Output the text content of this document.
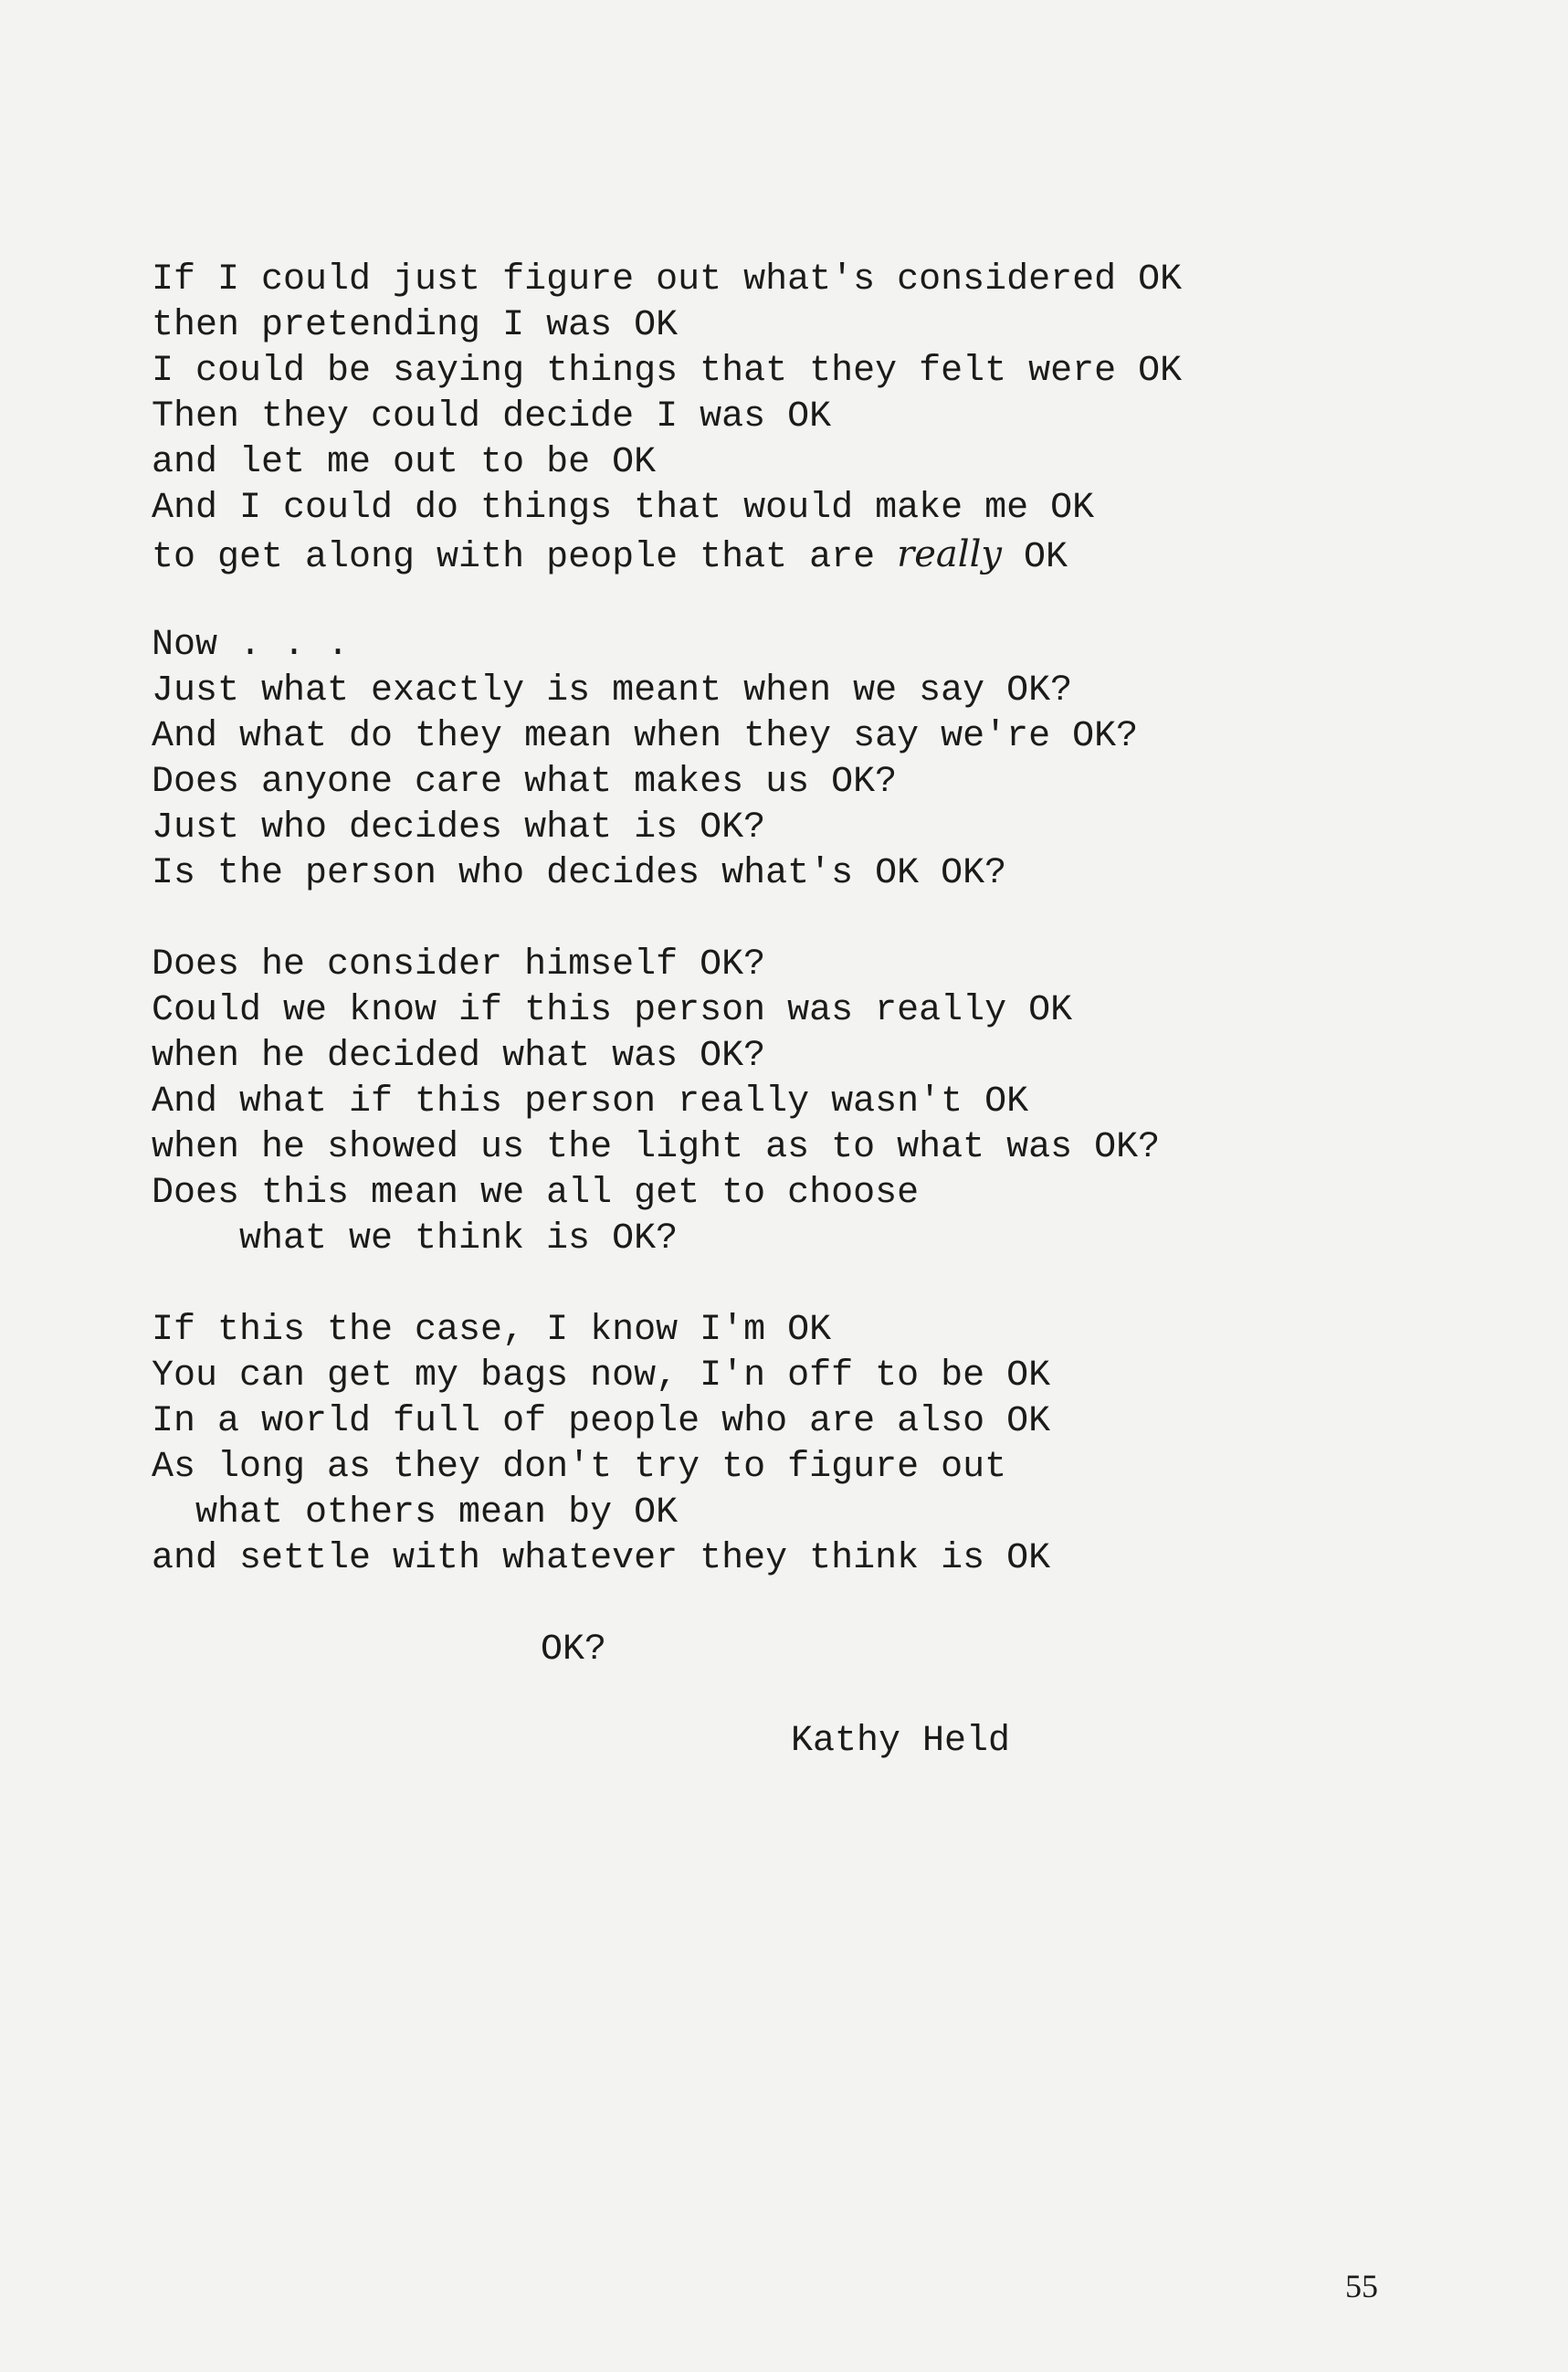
If I could just figure out what's considered OK
then pretending I was OK
I could be saying things that they felt were OK
Then they could decide I was OK
and let me out to be OK
And I could do things that would make me OK
to get along with people that are really OK
Now . . .
Just what exactly is meant when we say OK?
And what do they mean when they say we're OK?
Does anyone care what makes us OK?
Just who decides what is OK?
Is the person who decides what's OK OK?
Does he consider himself OK?
Could we know if this person was really OK
when he decided what was OK?
And what if this person really wasn't OK
when he showed us the light as to what was OK?
Does this mean we all get to choose
what we think is OK?
If this the case, I know I'm OK
You can get my bags now, I'n off to be OK
In a world full of people who are also OK
As long as they don't try to figure out
what others mean by OK
and settle with whatever they think is OK
OK?
Kathy Held
55
